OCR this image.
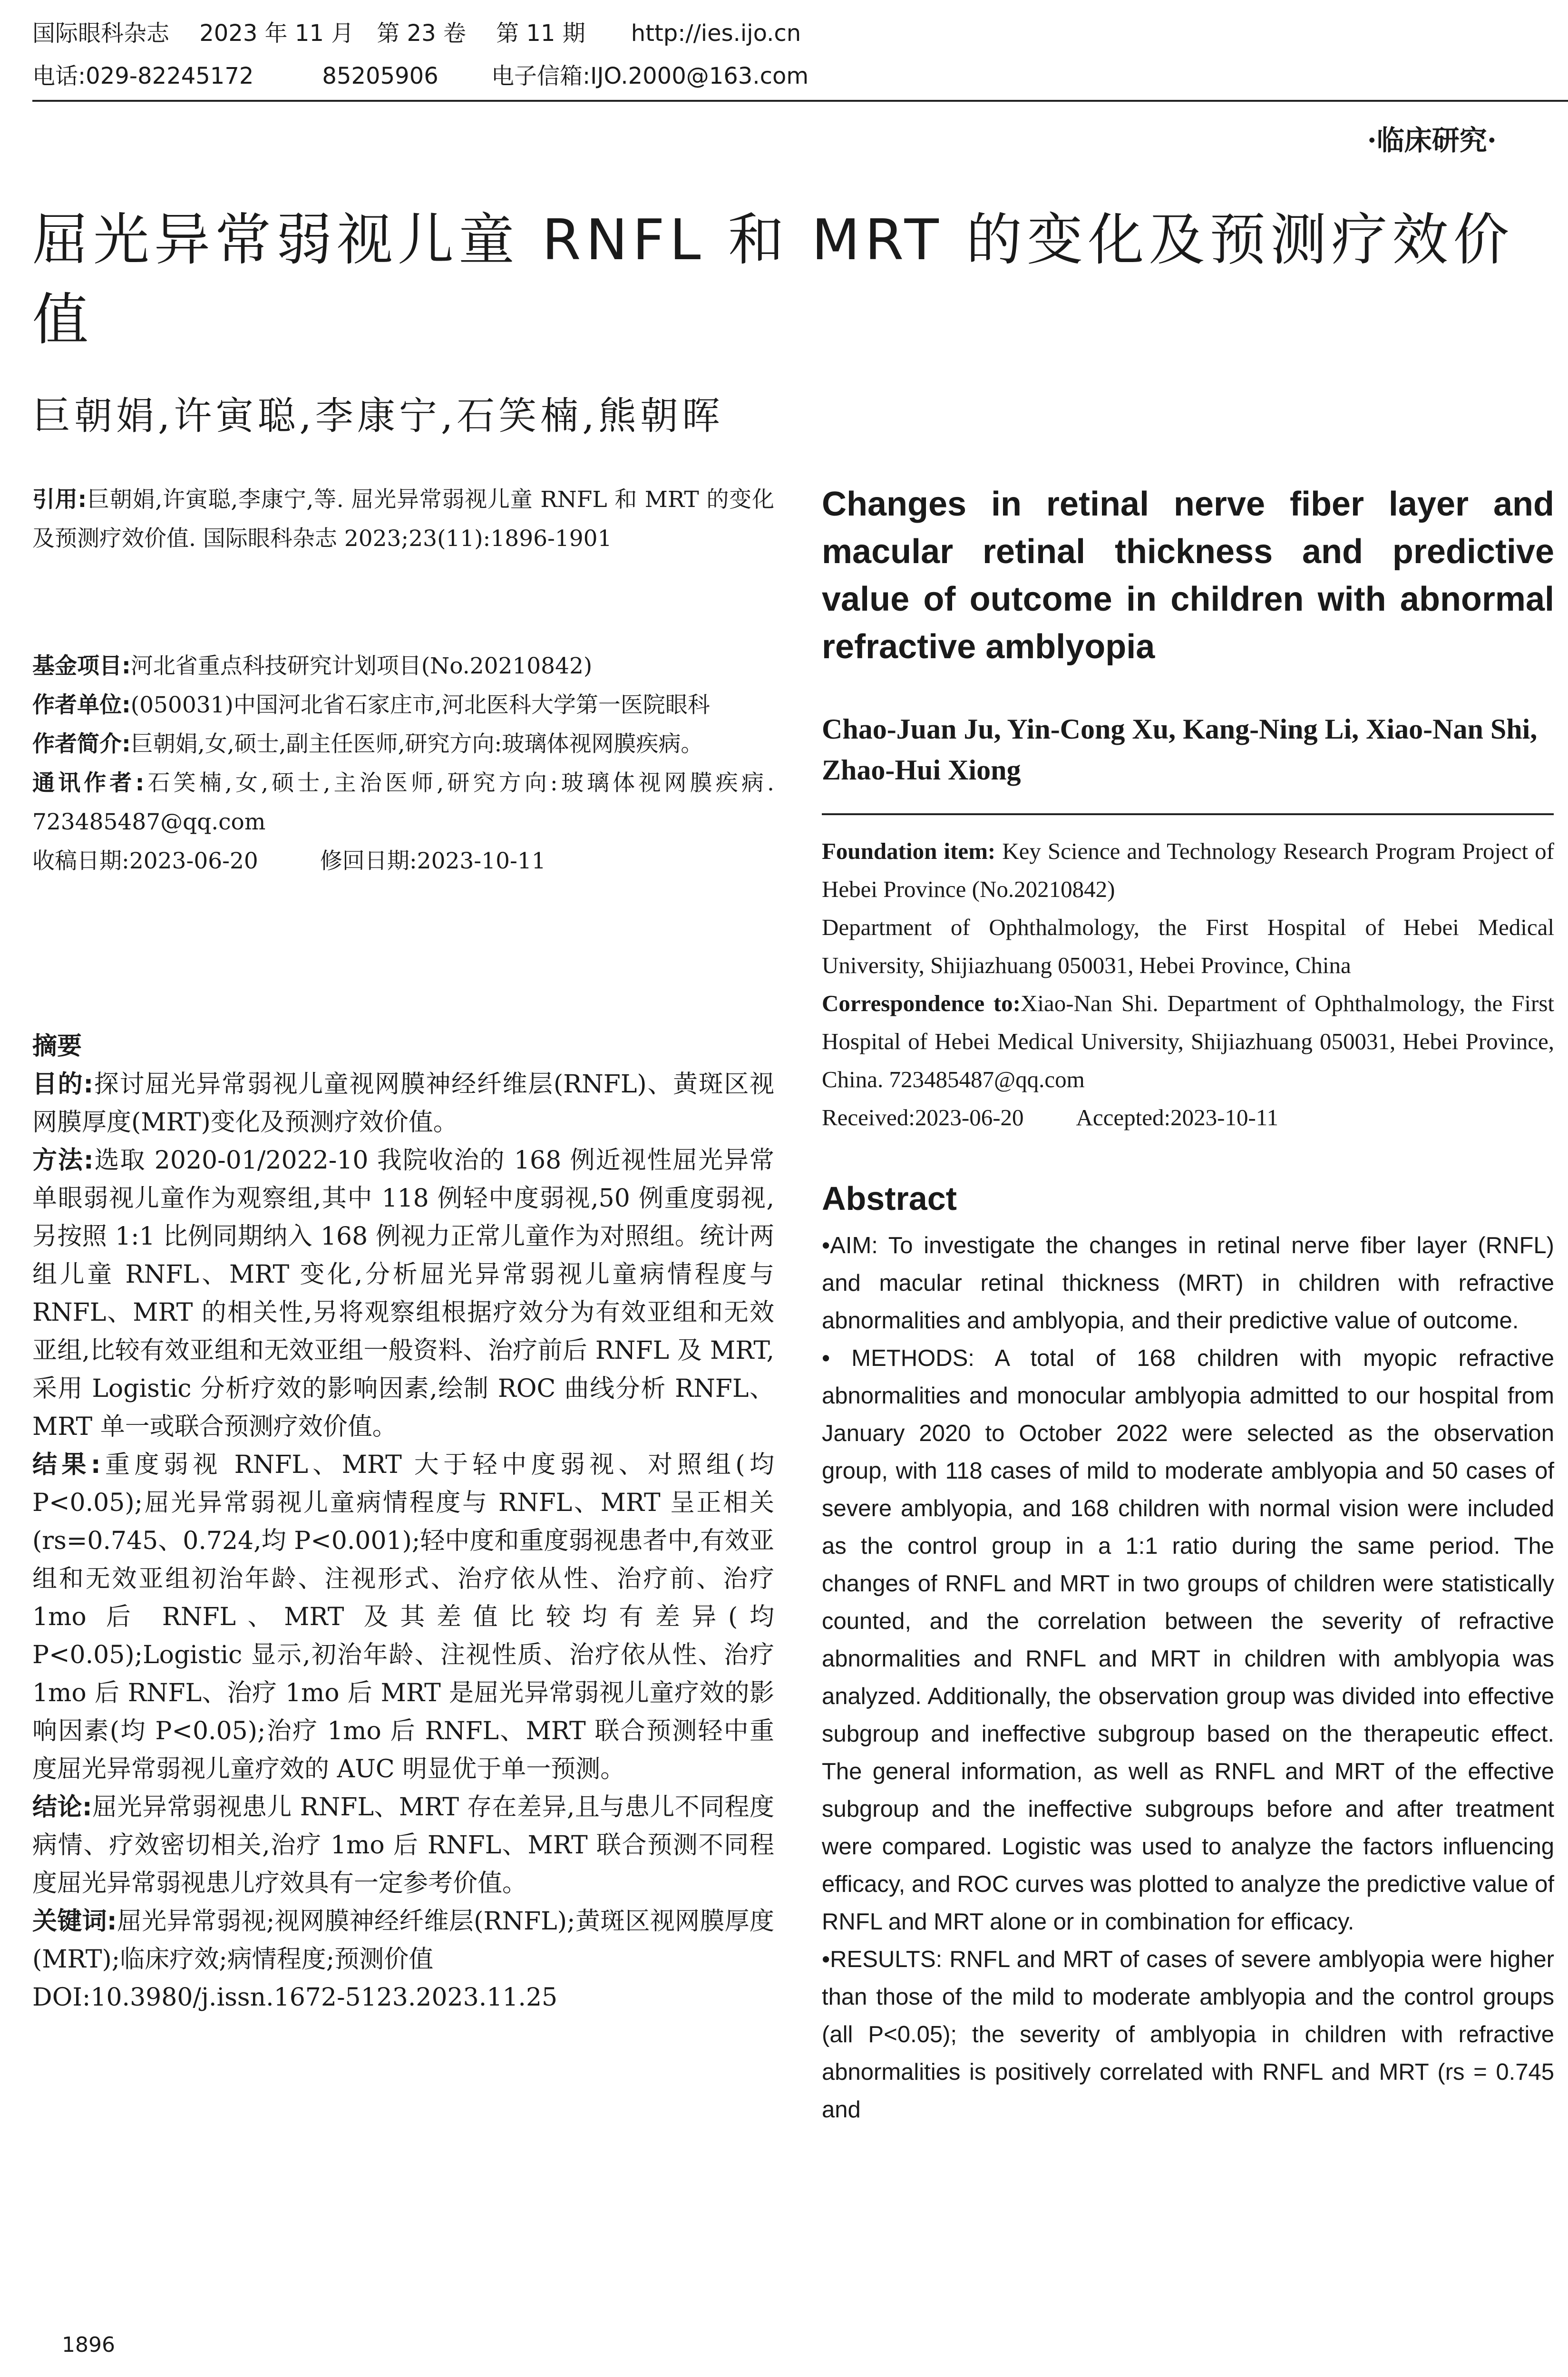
国际眼科杂志　 2023 年 11 月　第 23 卷　 第 11 期　　http://ies.ijo.cn
电话:029-82245172　　　85205906　　 电子信箱:IJO.2000@163.com
·临床研究·
屈光异常弱视儿童 RNFL 和 MRT 的变化及预测疗效价值
巨朝娟,许寅聪,李康宁,石笑楠,熊朝晖

引用:巨朝娟,许寅聪,李康宁,等. 屈光异常弱视儿童 RNFL 和 MRT 的变化及预测疗效价值. 国际眼科杂志 2023;23(11):1896-1901

基金项目:河北省重点科技研究计划项目(No.20210842)

作者单位:(050031)中国河北省石家庄市,河北医科大学第一医院眼科

作者简介:巨朝娟,女,硕士,副主任医师,研究方向:玻璃体视网膜疾病。

通讯作者:石笑楠,女,硕士,主治医师,研究方向:玻璃体视网膜疾病. 723485487@qq.com

收稿日期:2023-06-20	修回日期:2023-10-11

摘要

目的:探讨屈光异常弱视儿童视网膜神经纤维层(RNFL)、黄斑区视网膜厚度(MRT)变化及预测疗效价值。

方法:选取 2020-01/2022-10 我院收治的 168 例近视性屈光异常单眼弱视儿童作为观察组,其中 118 例轻中度弱视,50 例重度弱视,另按照 1:1 比例同期纳入 168 例视力正常儿童作为对照组。统计两组儿童 RNFL、MRT 变化,分析屈光异常弱视儿童病情程度与 RNFL、MRT 的相关性,另将观察组根据疗效分为有效亚组和无效亚组,比较有效亚组和无效亚组一般资料、治疗前后 RNFL 及 MRT,采用 Logistic 分析疗效的影响因素,绘制 ROC 曲线分析 RNFL、MRT 单一或联合预测疗效价值。

结果:重度弱视 RNFL、MRT 大于轻中度弱视、对照组(均 P<0.05);屈光异常弱视儿童病情程度与 RNFL、MRT 呈正相关(rs=0.745、0.724,均 P<0.001);轻中度和重度弱视患者中,有效亚组和无效亚组初治年龄、注视形式、治疗依从性、治疗前、治疗 1mo 后 RNFL、MRT 及其差值比较均有差异(均 P<0.05);Logistic 显示,初治年龄、注视性质、治疗依从性、治疗 1mo 后 RNFL、治疗 1mo 后 MRT 是屈光异常弱视儿童疗效的影响因素(均 P<0.05);治疗 1mo 后 RNFL、MRT 联合预测轻中重度屈光异常弱视儿童疗效的 AUC 明显优于单一预测。

结论:屈光异常弱视患儿 RNFL、MRT 存在差异,且与患儿不同程度病情、疗效密切相关,治疗 1mo 后 RNFL、MRT 联合预测不同程度屈光异常弱视患儿疗效具有一定参考价值。

关键词:屈光异常弱视;视网膜神经纤维层(RNFL);黄斑区视网膜厚度(MRT);临床疗效;病情程度;预测价值

DOI:10.3980/j.issn.1672-5123.2023.11.25

Changes in retinal nerve fiber layer and macular retinal thickness and predictive value of outcome in children with abnormal refractive amblyopia
Chao-Juan Ju, Yin-Cong Xu, Kang-Ning Li, Xiao-Nan Shi, Zhao-Hui Xiong

Foundation item: Key Science and Technology Research Program Project of Hebei Province (No.20210842)

Department of Ophthalmology, the First Hospital of Hebei Medical University, Shijiazhuang 050031, Hebei Province, China

Correspondence to:Xiao-Nan Shi. Department of Ophthalmology, the First Hospital of Hebei Medical University, Shijiazhuang 050031, Hebei Province, China. 723485487@qq.com

Received:2023-06-20 Accepted:2023-10-11

Abstract

•AIM: To investigate the changes in retinal nerve fiber layer (RNFL) and macular retinal thickness (MRT) in children with refractive abnormalities and amblyopia, and their predictive value of outcome.

• METHODS: A total of 168 children with myopic refractive abnormalities and monocular amblyopia admitted to our hospital from January 2020 to October 2022 were selected as the observation group, with 118 cases of mild to moderate amblyopia and 50 cases of severe amblyopia, and 168 children with normal vision were included as the control group in a 1:1 ratio during the same period. The changes of RNFL and MRT in two groups of children were statistically counted, and the correlation between the severity of refractive abnormalities and RNFL and MRT in children with amblyopia was analyzed. Additionally, the observation group was divided into effective subgroup and ineffective subgroup based on the therapeutic effect. The general information, as well as RNFL and MRT of the effective subgroup and the ineffective subgroups before and after treatment were compared. Logistic was used to analyze the factors influencing efficacy, and ROC curves was plotted to analyze the predictive value of RNFL and MRT alone or in combination for efficacy.

•RESULTS: RNFL and MRT of cases of severe amblyopia were higher than those of the mild to moderate amblyopia and the control groups (all P<0.05); the severity of amblyopia in children with refractive abnormalities is positively correlated with RNFL and MRT (rs = 0.745 and

1896
